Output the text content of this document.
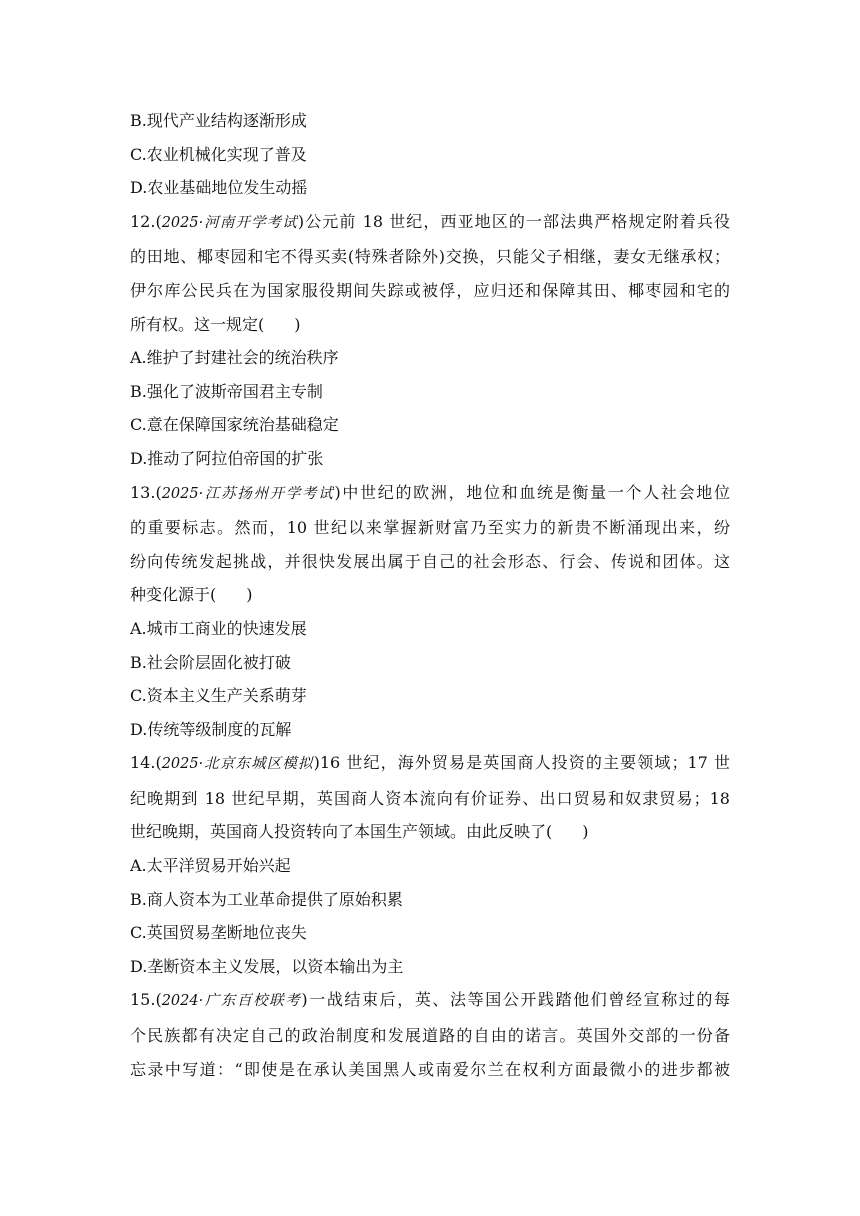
B.现代产业结构逐渐形成
C.农业机械化实现了普及
D.农业基础地位发生动摇
12.(2025·河南开学考试)公元前 18 世纪，西亚地区的一部法典严格规定附着兵役
的田地、椰枣园和宅不得买卖(特殊者除外)交换，只能父子相继，妻女无继承权；
伊尔库公民兵在为国家服役期间失踪或被俘，应归还和保障其田、椰枣园和宅的
所有权。这一规定( )
A.维护了封建社会的统治秩序
B.强化了波斯帝国君主专制
C.意在保障国家统治基础稳定
D.推动了阿拉伯帝国的扩张
13.(2025·江苏扬州开学考试)中世纪的欧洲，地位和血统是衡量一个人社会地位
的重要标志。然而，10 世纪以来掌握新财富乃至实力的新贵不断涌现出来，纷
纷向传统发起挑战，并很快发展出属于自己的社会形态、行会、传说和团体。这
种变化源于( )
A.城市工商业的快速发展
B.社会阶层固化被打破
C.资本主义生产关系萌芽
D.传统等级制度的瓦解
14.(2025·北京东城区模拟)16 世纪，海外贸易是英国商人投资的主要领域；17 世
纪晚期到 18 世纪早期，英国商人资本流向有价证券、出口贸易和奴隶贸易；18
世纪晚期，英国商人投资转向了本国生产领域。由此反映了( )
A.太平洋贸易开始兴起
B.商人资本为工业革命提供了原始积累
C.英国贸易垄断地位丧失
D.垄断资本主义发展，以资本输出为主
15.(2024·广东百校联考)一战结束后，英、法等国公开践踏他们曾经宣称过的每
个民族都有决定自己的政治制度和发展道路的自由的诺言。英国外交部的一份备
忘录中写道：“即使是在承认美国黑人或南爱尔兰在权利方面最微小的进步都被
